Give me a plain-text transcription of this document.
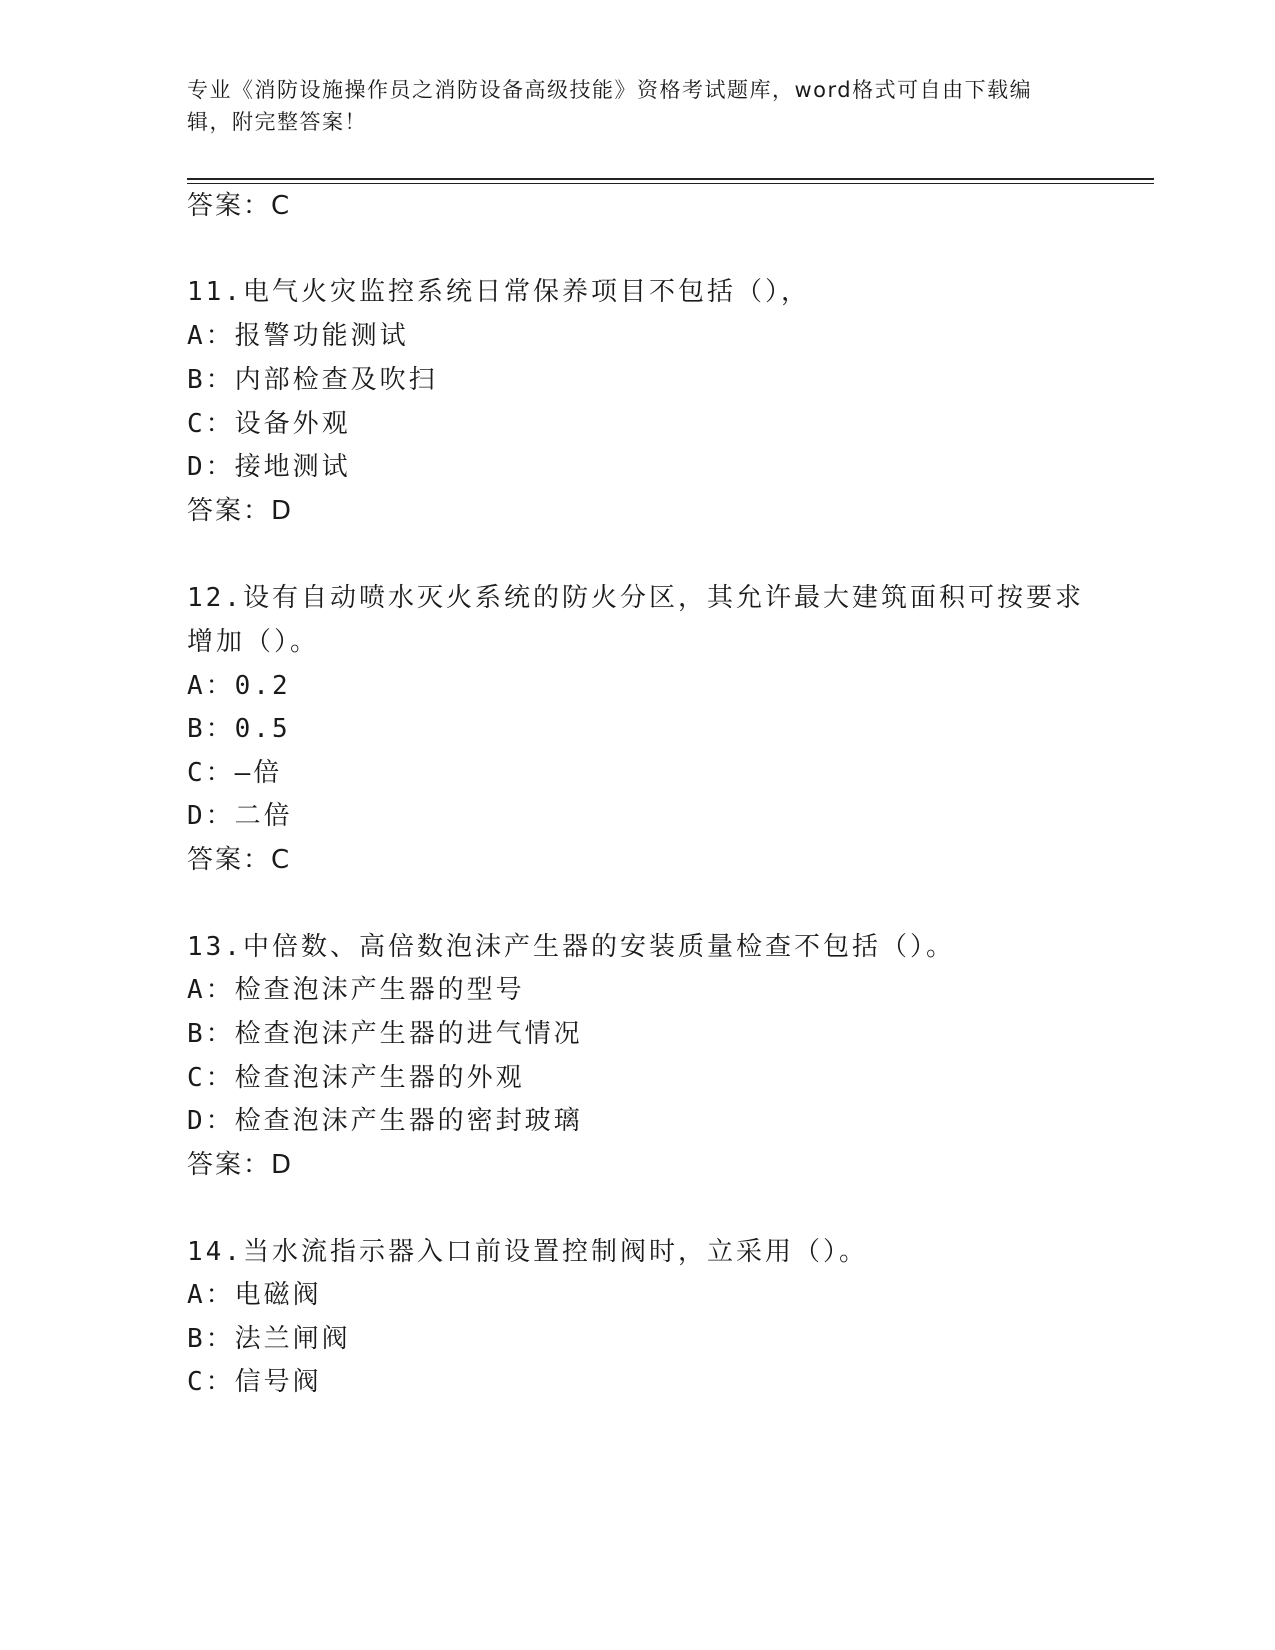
专业《消防设施操作员之消防设备高级技能》资格考试题库，word格式可自由下载编辑，附完整答案！
答案：C
11.电气火灾监控系统日常保养项目不包括（），
A：报警功能测试
B：内部检查及吹扫
C：设备外观
D：接地测试
答案：D
12.设有自动喷水灭火系统的防火分区，其允许最大建筑面积可按要求
增加（）。
A：0.2
B：0.5
C：—倍
D：二倍
答案：C
13.中倍数、高倍数泡沫产生器的安装质量检查不包括（）。
A：检查泡沫产生器的型号
B：检查泡沫产生器的进气情况
C：检查泡沫产生器的外观
D：检查泡沫产生器的密封玻璃
答案：D
14.当水流指示器入口前设置控制阀时，立采用（）。
A：电磁阀
B：法兰闸阀
C：信号阀
